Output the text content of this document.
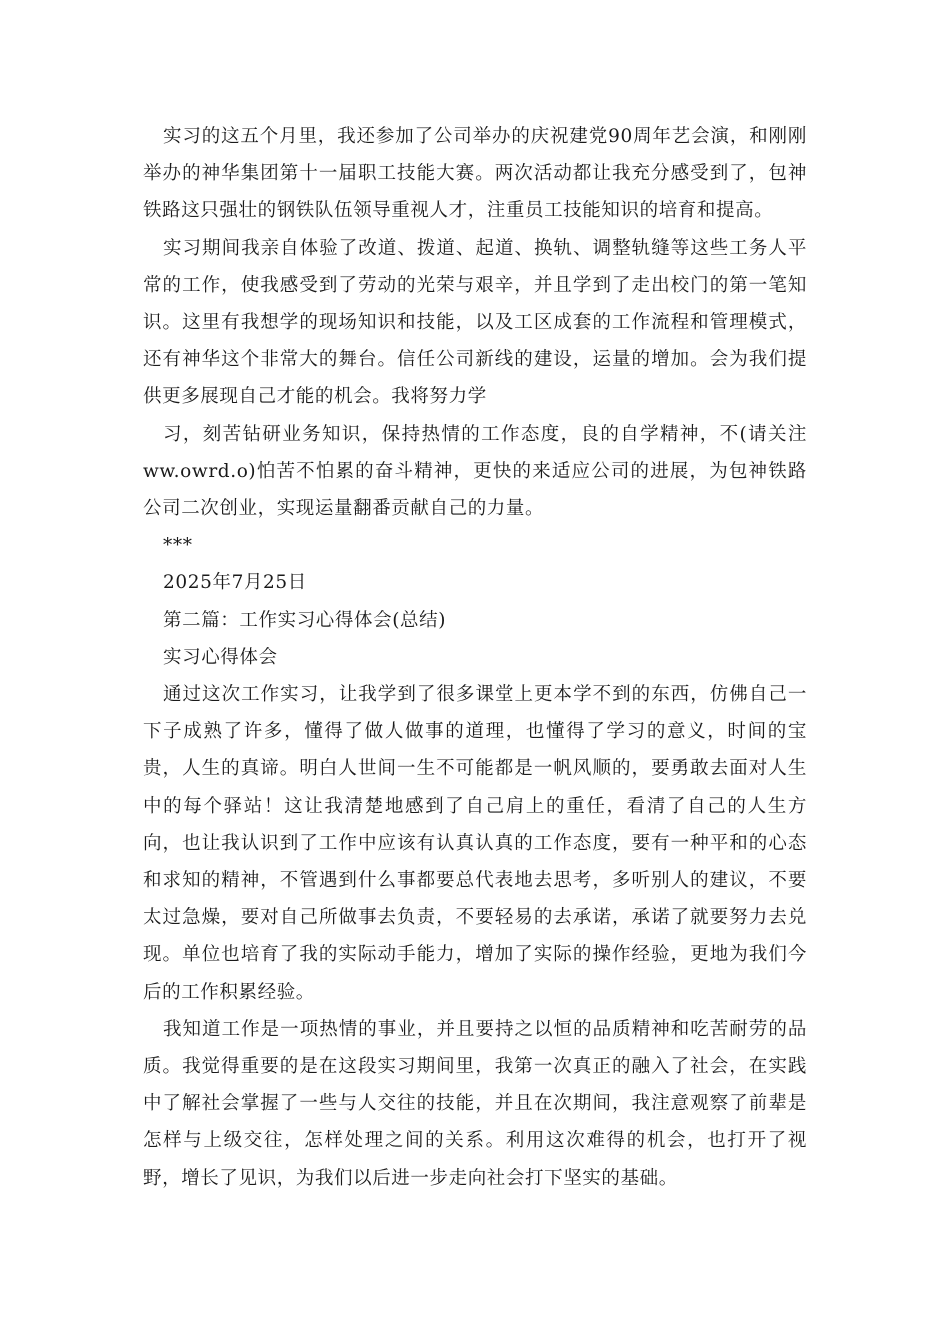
实习的这五个月里，我还参加了公司举办的庆祝建党90周年艺会演，和刚刚举办的神华集团第十一届职工技能大赛。两次活动都让我充分感受到了，包神铁路这只强壮的钢铁队伍领导重视人才，注重员工技能知识的培育和提高。

实习期间我亲自体验了改道、拨道、起道、换轨、调整轨缝等这些工务人平常的工作，使我感受到了劳动的光荣与艰辛，并且学到了走出校门的第一笔知识。这里有我想学的现场知识和技能，以及工区成套的工作流程和管理模式，还有神华这个非常大的舞台。信任公司新线的建设，运量的增加。会为我们提供更多展现自己才能的机会。我将努力学

习，刻苦钻研业务知识，保持热情的工作态度，良的自学精神，不(请关注ww.owrd.o)怕苦不怕累的奋斗精神，更快的来适应公司的进展，为包神铁路公司二次创业，实现运量翻番贡献自己的力量。

***

2025年7月25日

第二篇：工作实习心得体会(总结)

实习心得体会

通过这次工作实习，让我学到了很多课堂上更本学不到的东西，仿佛自己一下子成熟了许多，懂得了做人做事的道理，也懂得了学习的意义，时间的宝贵，人生的真谛。明白人世间一生不可能都是一帆风顺的，要勇敢去面对人生中的每个驿站！这让我清楚地感到了自己肩上的重任，看清了自己的人生方向，也让我认识到了工作中应该有认真认真的工作态度，要有一种平和的心态和求知的精神，不管遇到什么事都要总代表地去思考，多听别人的建议，不要太过急燥，要对自己所做事去负责，不要轻易的去承诺，承诺了就要努力去兑现。单位也培育了我的实际动手能力，增加了实际的操作经验，更地为我们今后的工作积累经验。

我知道工作是一项热情的事业，并且要持之以恒的品质精神和吃苦耐劳的品质。我觉得重要的是在这段实习期间里，我第一次真正的融入了社会，在实践中了解社会掌握了一些与人交往的技能，并且在次期间，我注意观察了前辈是怎样与上级交往，怎样处理之间的关系。利用这次难得的机会，也打开了视野，增长了见识，为我们以后进一步走向社会打下坚实的基础。
